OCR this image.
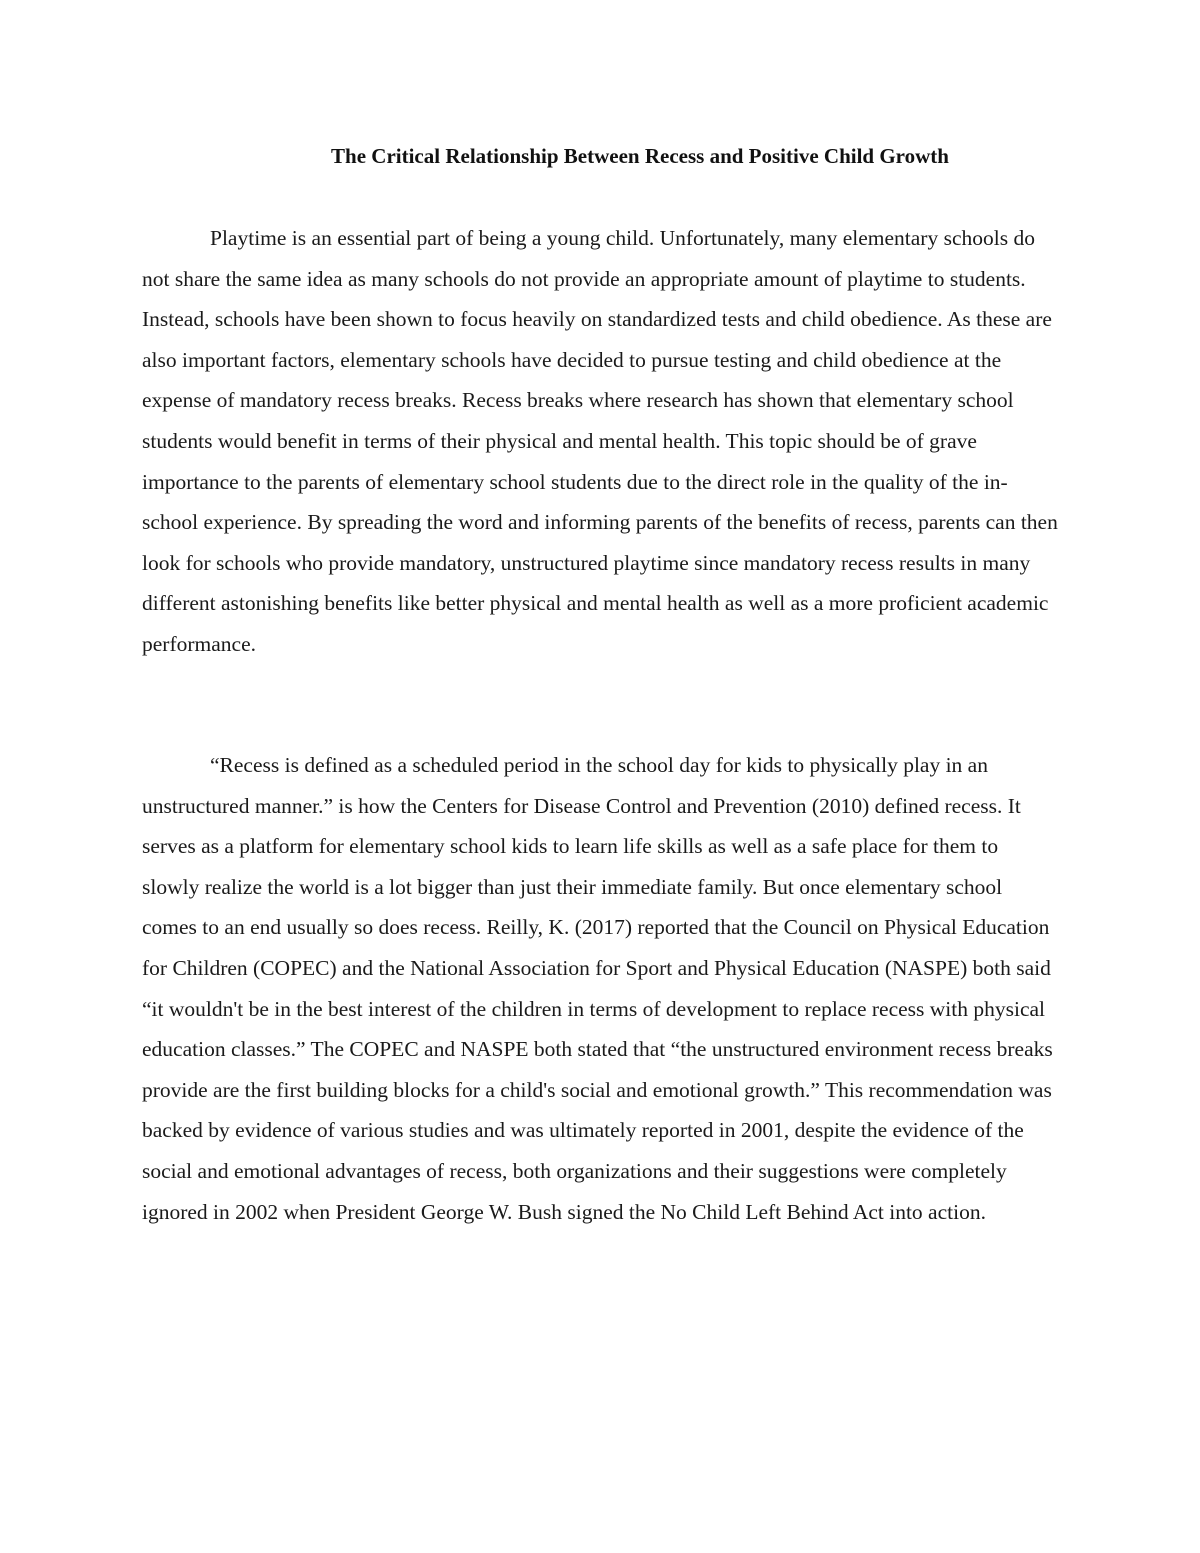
The Critical Relationship Between Recess and Positive Child Growth

Playtime is an essential part of being a young child. Unfortunately, many elementary schools do not share the same idea as many schools do not provide an appropriate amount of playtime to students. Instead, schools have been shown to focus heavily on standardized tests and child obedience. As these are also important factors, elementary schools have decided to pursue testing and child obedience at the expense of mandatory recess breaks. Recess breaks where research has shown that elementary school students would benefit in terms of their physical and mental health. This topic should be of grave importance to the parents of elementary school students due to the direct role in the quality of the in-school experience. By spreading the word and informing parents of the benefits of recess, parents can then look for schools who provide mandatory, unstructured playtime since mandatory recess results in many different astonishing benefits like better physical and mental health as well as a more proficient academic performance.

“Recess is defined as a scheduled period in the school day for kids to physically play in an unstructured manner.” is how the Centers for Disease Control and Prevention (2010) defined recess. It serves as a platform for elementary school kids to learn life skills as well as a safe place for them to slowly realize the world is a lot bigger than just their immediate family. But once elementary school comes to an end usually so does recess. Reilly, K. (2017) reported that the Council on Physical Education for Children (COPEC) and the National Association for Sport and Physical Education (NASPE) both said “it wouldn't be in the best interest of the children in terms of development to replace recess with physical education classes.” The COPEC and NASPE both stated that “the unstructured environment recess breaks provide are the first building blocks for a child's social and emotional growth.” This recommendation was backed by evidence of various studies and was ultimately reported in 2001, despite the evidence of the social and emotional advantages of recess, both organizations and their suggestions were completely ignored in 2002 when President George W. Bush signed the No Child Left Behind Act into action.
